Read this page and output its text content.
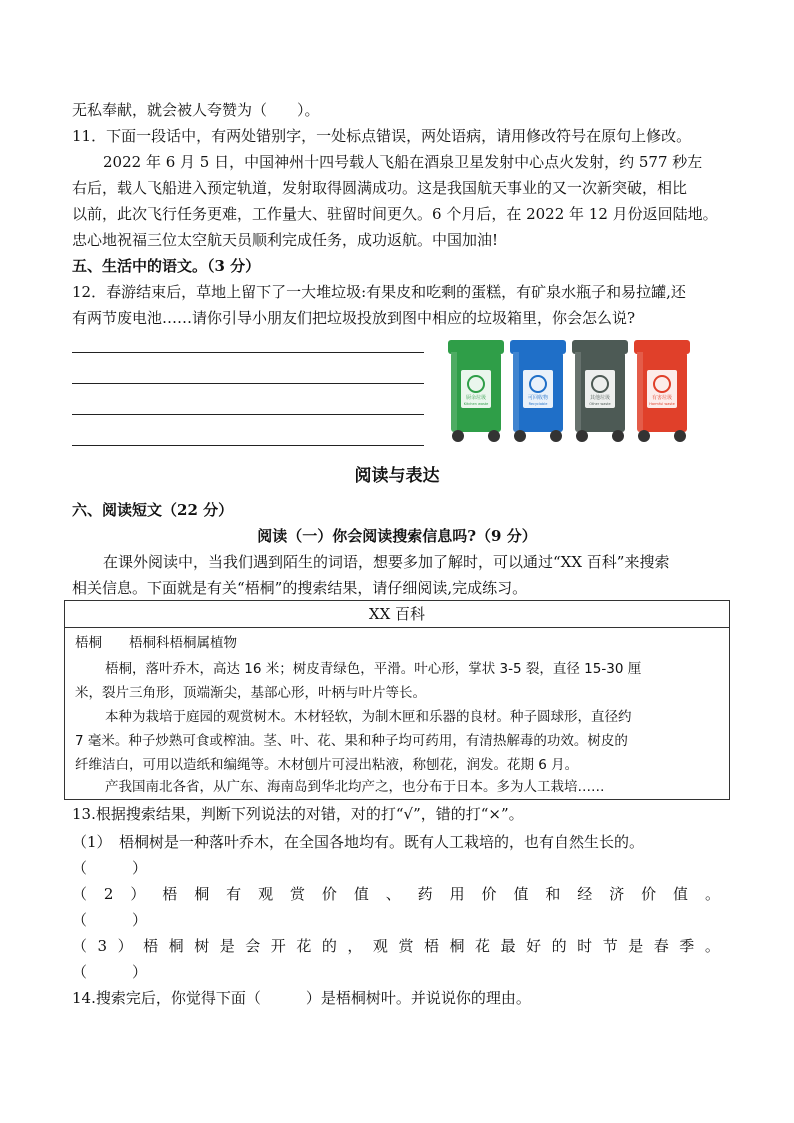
无私奉献，就会被人夸赞为（　　）。
11．下面一段话中，有两处错别字，一处标点错误，两处语病，请用修改符号在原句上修改。
2022 年 6 月 5 日，中国神州十四号载人飞船在酒泉卫星发射中心点火发射，约 577 秒左
右后，载人飞船进入预定轨道，发射取得圆满成功。这是我国航天事业的又一次新突破，相比
以前，此次飞行任务更难，工作量大、驻留时间更久。6 个月后，在 2022 年 12 月份返回陆地。
忠心地祝福三位太空航天员顺利完成任务，成功返航。中国加油!
五、生活中的语文。（3 分）
12．春游结束后，草地上留下了一大堆垃圾:有果皮和吃剩的蛋糕，有矿泉水瓶子和易拉罐,还
有两节废电池……请你引导小朋友们把垃圾投放到图中相应的垃圾箱里，你会怎么说?
厨余垃圾
Kitchen waste
可回收物
Recyclable
其他垃圾
Other waste
有害垃圾
Harmful waste
阅读与表达
六、阅读短文（22 分）
阅读（一）你会阅读搜索信息吗?（9 分）
在课外阅读中，当我们遇到陌生的词语，想要多加了解时，可以通过“XX 百科”来搜索
相关信息。下面就是有关“梧桐”的搜索结果，请仔细阅读,完成练习。
XX 百科
梧桐　　梧桐科梧桐属植物
梧桐，落叶乔木，高达 16 米；树皮青绿色，平滑。叶心形，掌状 3-5 裂，直径 15-30 厘
米，裂片三角形，顶端渐尖，基部心形，叶柄与叶片等长。
本种为栽培于庭园的观赏树木。木材轻软，为制木匣和乐器的良材。种子圆球形，直径约
7 毫米。种子炒熟可食或榨油。茎、叶、花、果和种子均可药用，有清热解毒的功效。树皮的
纤维洁白，可用以造纸和编绳等。木材刨片可浸出粘液，称刨花，润发。花期 6 月。
产我国南北各省，从广东、海南岛到华北均产之，也分布于日本。多为人工栽培……
13.根据搜索结果，判断下列说法的对错，对的打“√”，错的打“×”。
（1）　梧桐树是一种落叶乔木，在全国各地均有。既有人工栽培的，也有自然生长的。
（　　　）
（ 2 ） 梧 桐 有 观 赏 价 值 、 药 用 价 值 和 经 济 价 值 。
（　　　）
（ 3 ） 梧 桐 树 是 会 开 花 的 ， 观 赏 梧 桐 花 最 好 的 时 节 是 春 季 。
（　　　）
14.搜索完后，你觉得下面（　　　）是梧桐树叶。并说说你的理由。
